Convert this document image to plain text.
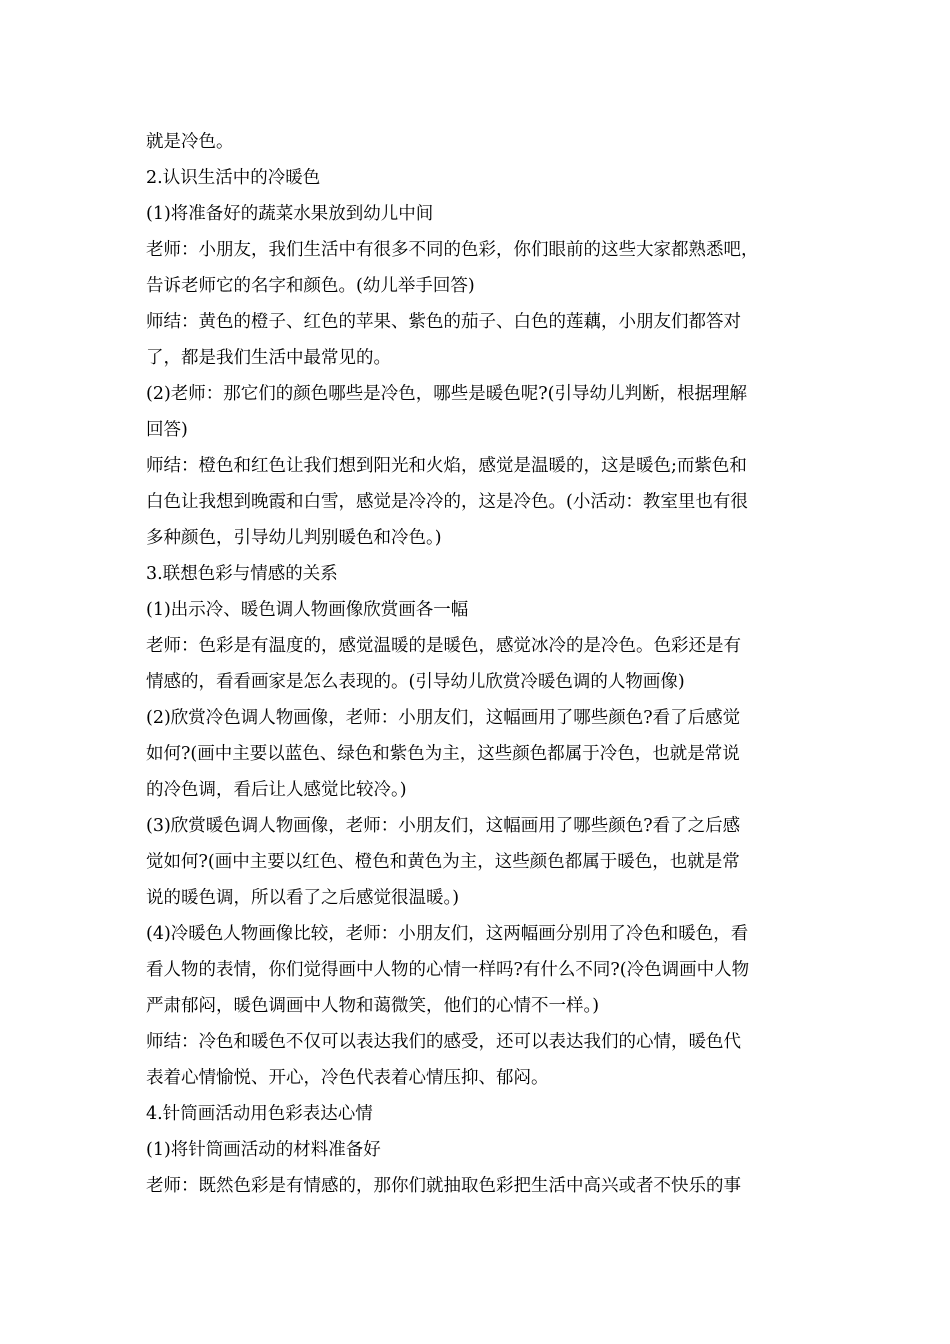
就是冷色。
2.认识生活中的冷暖色
(1)将准备好的蔬菜水果放到幼儿中间
老师：小朋友，我们生活中有很多不同的色彩，你们眼前的这些大家都熟悉吧，
告诉老师它的名字和颜色。(幼儿举手回答)
师结：黄色的橙子、红色的苹果、紫色的茄子、白色的莲藕，小朋友们都答对
了，都是我们生活中最常见的。
(2)老师：那它们的颜色哪些是冷色，哪些是暖色呢?(引导幼儿判断，根据理解
回答)
师结：橙色和红色让我们想到阳光和火焰，感觉是温暖的，这是暖色;而紫色和
白色让我想到晚霞和白雪，感觉是冷冷的，这是冷色。(小活动：教室里也有很
多种颜色，引导幼儿判别暖色和冷色。)
3.联想色彩与情感的关系
(1)出示冷、暖色调人物画像欣赏画各一幅
老师：色彩是有温度的，感觉温暖的是暖色，感觉冰冷的是冷色。色彩还是有
情感的，看看画家是怎么表现的。(引导幼儿欣赏冷暖色调的人物画像)
(2)欣赏冷色调人物画像，老师：小朋友们，这幅画用了哪些颜色?看了后感觉
如何?(画中主要以蓝色、绿色和紫色为主，这些颜色都属于冷色，也就是常说
的冷色调，看后让人感觉比较冷。)
(3)欣赏暖色调人物画像，老师：小朋友们，这幅画用了哪些颜色?看了之后感
觉如何?(画中主要以红色、橙色和黄色为主，这些颜色都属于暖色，也就是常
说的暖色调，所以看了之后感觉很温暖。)
(4)冷暖色人物画像比较，老师：小朋友们，这两幅画分别用了冷色和暖色，看
看人物的表情，你们觉得画中人物的心情一样吗?有什么不同?(冷色调画中人物
严肃郁闷，暖色调画中人物和蔼微笑，他们的心情不一样。)
师结：冷色和暖色不仅可以表达我们的感受，还可以表达我们的心情，暖色代
表着心情愉悦、开心，冷色代表着心情压抑、郁闷。
4.针筒画活动用色彩表达心情
(1)将针筒画活动的材料准备好
老师：既然色彩是有情感的，那你们就抽取色彩把生活中高兴或者不快乐的事
